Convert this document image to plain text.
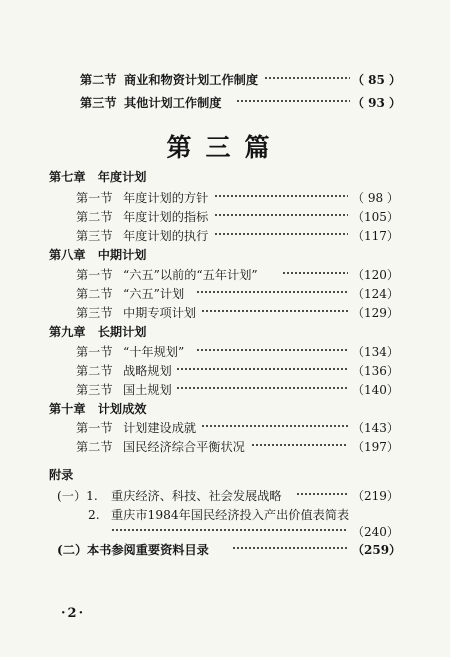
第二节 商业和物资计划工作制度	（ 85 ）
第三节 其他计划工作制度	（ 93 ）
第三篇
第七章　年度计划
第一节 年度计划的方针	（ 98 ）
第二节 年度计划的指标	（105）
第三节 年度计划的执行	（117）
第八章　中期计划
第一节 “六五”以前的“五年计划”	（120）
第二节 “六五”计划	（124）
第三节 中期专项计划	（129）
第九章　长期计划
第一节 “十年规划”	（134）
第二节 战略规划	（136）
第三节 国土规划	（140）
第十章　计划成效
第一节 计划建设成就	（143）
第二节 国民经济综合平衡状况	（197）
附录
(一）1. 重庆经济、科技、社会发展战略	（219）
2. 重庆市1984年国民经济投入产出价值表简表
（240）
(二） 本书参阅重要资料目录	（259）
·2·
